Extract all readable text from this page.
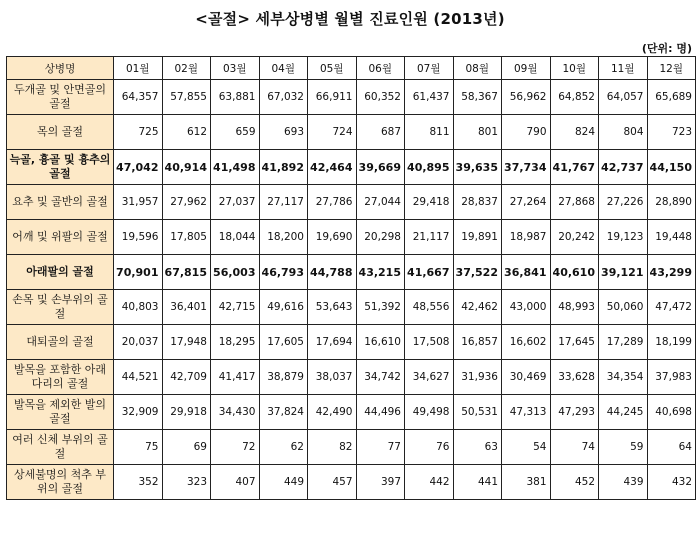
<골절> 세부상병별 월별 진료인원 (2013년)
(단위: 명)
상병명	01월	02월	03월	04월	05월	06월	07월	08월	09월	10월	11월	12월
두개골 및 안면골의 골절	64,357	57,855	63,881	67,032	66,911	60,352	61,437	58,367	56,962	64,852	64,057	65,689
목의 골절	725	612	659	693	724	687	811	801	790	824	804	723
늑골, 흉골 및 흉추의 골절	47,042	40,914	41,498	41,892	42,464	39,669	40,895	39,635	37,734	41,767	42,737	44,150
요추 및 골반의 골절	31,957	27,962	27,037	27,117	27,786	27,044	29,418	28,837	27,264	27,868	27,226	28,890
어깨 및 위팔의 골절	19,596	17,805	18,044	18,200	19,690	20,298	21,117	19,891	18,987	20,242	19,123	19,448
아래팔의 골절	70,901	67,815	56,003	46,793	44,788	43,215	41,667	37,522	36,841	40,610	39,121	43,299
손목 및 손부위의 골절	40,803	36,401	42,715	49,616	53,643	51,392	48,556	42,462	43,000	48,993	50,060	47,472
대퇴골의 골절	20,037	17,948	18,295	17,605	17,694	16,610	17,508	16,857	16,602	17,645	17,289	18,199
발목을 포함한 아래다리의 골절	44,521	42,709	41,417	38,879	38,037	34,742	34,627	31,936	30,469	33,628	34,354	37,983
발목을 제외한 발의 골절	32,909	29,918	34,430	37,824	42,490	44,496	49,498	50,531	47,313	47,293	44,245	40,698
여러 신체 부위의 골절	75	69	72	62	82	77	76	63	54	74	59	64
상세불명의 척추 부위의 골절	352	323	407	449	457	397	442	441	381	452	439	432
